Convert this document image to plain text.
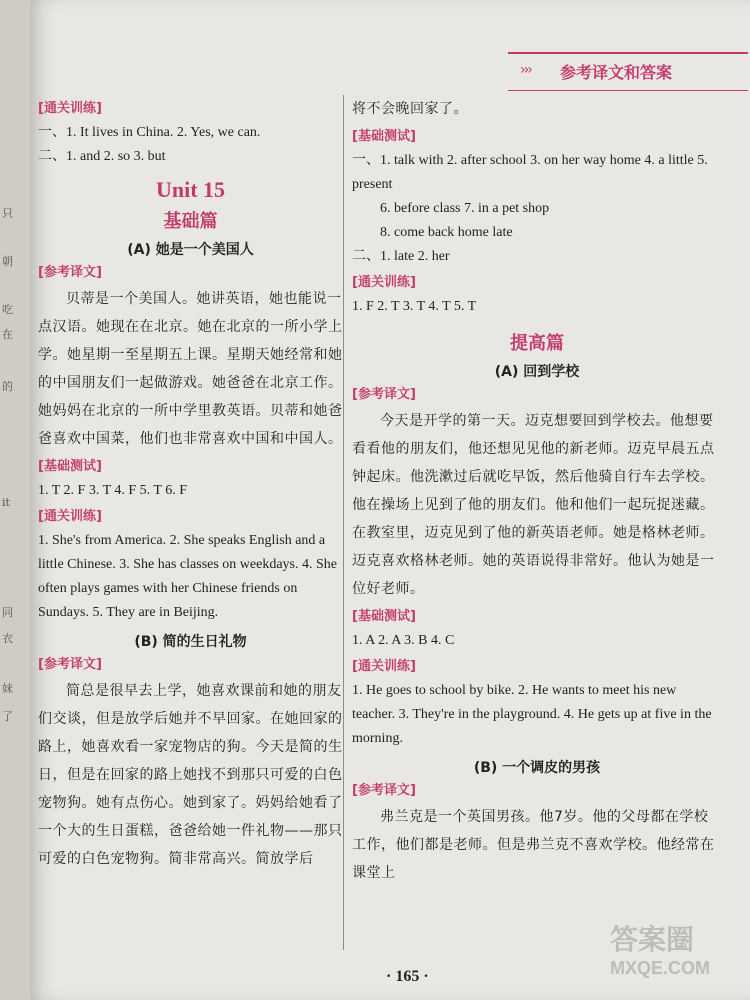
只
朝
吃
在
的
it
同
衣
妹
了
››› 参考译文和答案
[通关训练]
一、1. It lives in China. 2. Yes, we can.
二、1. and 2. so 3. but
Unit 15
基础篇
(A) 她是一个美国人
[参考译文]

贝蒂是一个美国人。她讲英语，她也能说一点汉语。她现在在北京。她在北京的一所小学上学。她星期一至星期五上课。星期天她经常和她的中国朋友们一起做游戏。她爸爸在北京工作。她妈妈在北京的一所中学里教英语。贝蒂和她爸爸喜欢中国菜，他们也非常喜欢中国和中国人。

[基础测试]
1. T 2. F 3. T 4. F 5. T 6. F
[通关训练]
1. She's from America. 2. She speaks English and a little Chinese. 3. She has classes on weekdays. 4. She often plays games with her Chinese friends on Sundays. 5. They are in Beijing.
(B) 简的生日礼物
[参考译文]

简总是很早去上学，她喜欢课前和她的朋友们交谈，但是放学后她并不早回家。在她回家的路上，她喜欢看一家宠物店的狗。今天是简的生日，但是在回家的路上她找不到那只可爱的白色宠物狗。她有点伤心。她到家了。妈妈给她看了一个大的生日蛋糕，爸爸给她一件礼物——那只可爱的白色宠物狗。简非常高兴。简放学后

将不会晚回家了。

[基础测试]
一、1. talk with 2. after school 3. on her way home 4. a little 5. present
6. before class 7. in a pet shop
8. come back home late
二、1. late 2. her
[通关训练]
1. F 2. T 3. T 4. T 5. T
提高篇
(A) 回到学校
[参考译文]

今天是开学的第一天。迈克想要回到学校去。他想要看看他的朋友们，他还想见见他的新老师。迈克早晨五点钟起床。他洗漱过后就吃早饭，然后他骑自行车去学校。他在操场上见到了他的朋友们。他和他们一起玩捉迷藏。在教室里，迈克见到了他的新英语老师。她是格林老师。迈克喜欢格林老师。她的英语说得非常好。他认为她是一位好老师。

[基础测试]
1. A 2. A 3. B 4. C
[通关训练]
1. He goes to school by bike. 2. He wants to meet his new teacher. 3. They're in the playground. 4. He gets up at five in the morning.
(B) 一个调皮的男孩
[参考译文]

弗兰克是一个英国男孩。他7岁。他的父母都在学校工作，他们都是老师。但是弗兰克不喜欢学校。他经常在课堂上

· 165 ·
答案圈
MXQE.COM
